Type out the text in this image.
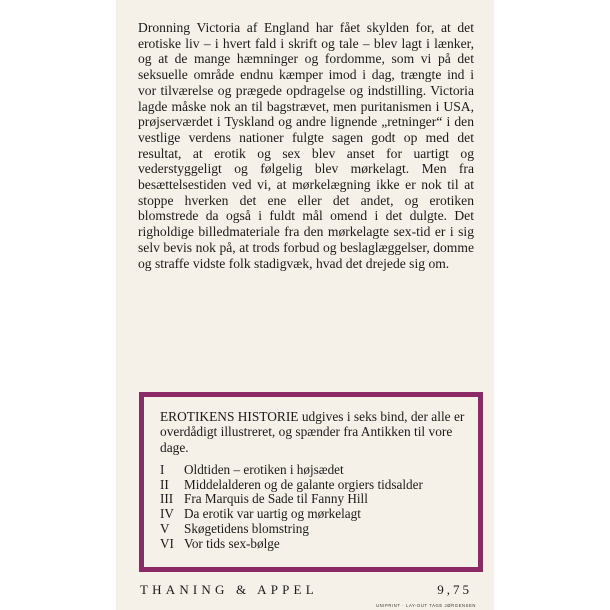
Dronning Victoria af England har fået skylden for, at det erotiske liv – i hvert fald i skrift og tale – blev lagt i lænker, og at de mange hæmninger og fordomme, som vi på det seksuelle område endnu kæmper imod i dag, trængte ind i vor tilværelse og prægede opdragelse og indstilling. Victoria lagde måske nok an til bagstrævet, men puritanismen i USA, prøjserværdet i Tyskland og andre lignende „retninger“ i den vestlige verdens nationer fulgte sagen godt op med det resultat, at erotik og sex blev anset for uartigt og vederstyggeligt og følgelig blev mørkelagt. Men fra besættelsestiden ved vi, at mørkelægning ikke er nok til at stoppe hverken det ene eller det andet, og erotiken blomstrede da også i fuldt mål omend i det dulgte. Det righoldige billedmateriale fra den mørkelagte sex-tid er i sig selv bevis nok på, at trods forbud og beslaglæggelser, domme og straffe vidste folk stadigvæk, hvad det drejede sig om.

EROTIKENS HISTORIE udgives i seks bind, der alle er overdådigt illustreret, og spænder fra Antikken til vore dage.
I	Oldtiden – erotiken i højsædet
II	Middelalderen og de galante orgiers tidsalder
III Fra Marquis de Sade til Fanny Hill
IV Da erotik var uartig og mørkelagt
V	Skøgetidens blomstring
VI Vor tids sex-bølge
THANING & APPEL	9,75
UNIPRINT · LAY-OUT TAGE JØRGENSEN
